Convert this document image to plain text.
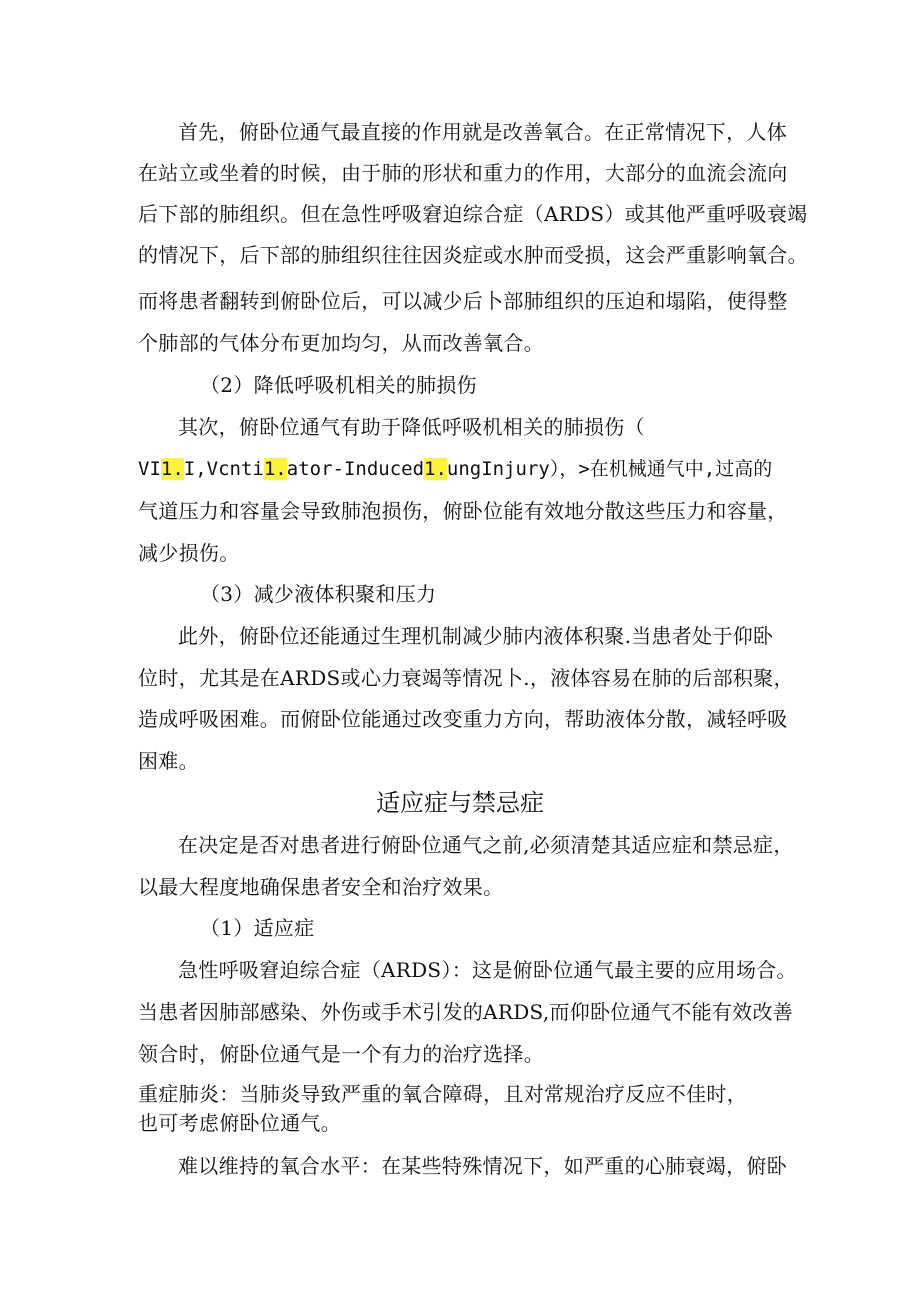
首先，俯卧位通气最直接的作用就是改善氧合。在正常情况下，人体
在站立或坐着的时候，由于肺的形状和重力的作用，大部分的血流会流向
后下部的肺组织。但在急性呼吸窘迫综合症（ARDS）或其他严重呼吸衰竭
的情况下，后下部的肺组织往往因炎症或水肿而受损，这会严重影响氧合。
而将患者翻转到俯卧位后，可以减少后卜部肺组织的压迫和塌陷，使得整
个肺部的气体分布更加均匀，从而改善氧合。
（2）降低呼吸机相关的肺损伤
其次，俯卧位通气有助于降低呼吸机相关的肺损伤（
VI1.I,Vcnti1.ator-Induced1.ungInjury），>在机械通气中,过高的
气道压力和容量会导致肺泡损伤，俯卧位能有效地分散这些压力和容量，
减少损伤。
（3）减少液体积聚和压力
此外，俯卧位还能通过生理机制减少肺内液体积聚.当患者处于仰卧
位时，尤其是在ARDS或心力衰竭等情况卜.，液体容易在肺的后部积聚，
造成呼吸困难。而俯卧位能通过改变重力方向，帮助液体分散，减轻呼吸
困难。
适应症与禁忌症
在决定是否对患者进行俯卧位通气之前,必须清楚其适应症和禁忌症，
以最大程度地确保患者安全和治疗效果。
（1）适应症
急性呼吸窘迫综合症（ARDS）：这是俯卧位通气最主要的应用场合。
当患者因肺部感染、外伤或手术引发的ARDS,而仰卧位通气不能有效改善
领合时，俯卧位通气是一个有力的治疗选择。
重症肺炎：当肺炎导致严重的氧合障碍，且对常规治疗反应不佳时，
也可考虑俯卧位通气。
难以维持的氧合水平：在某些特殊情况下，如严重的心肺衰竭，俯卧
